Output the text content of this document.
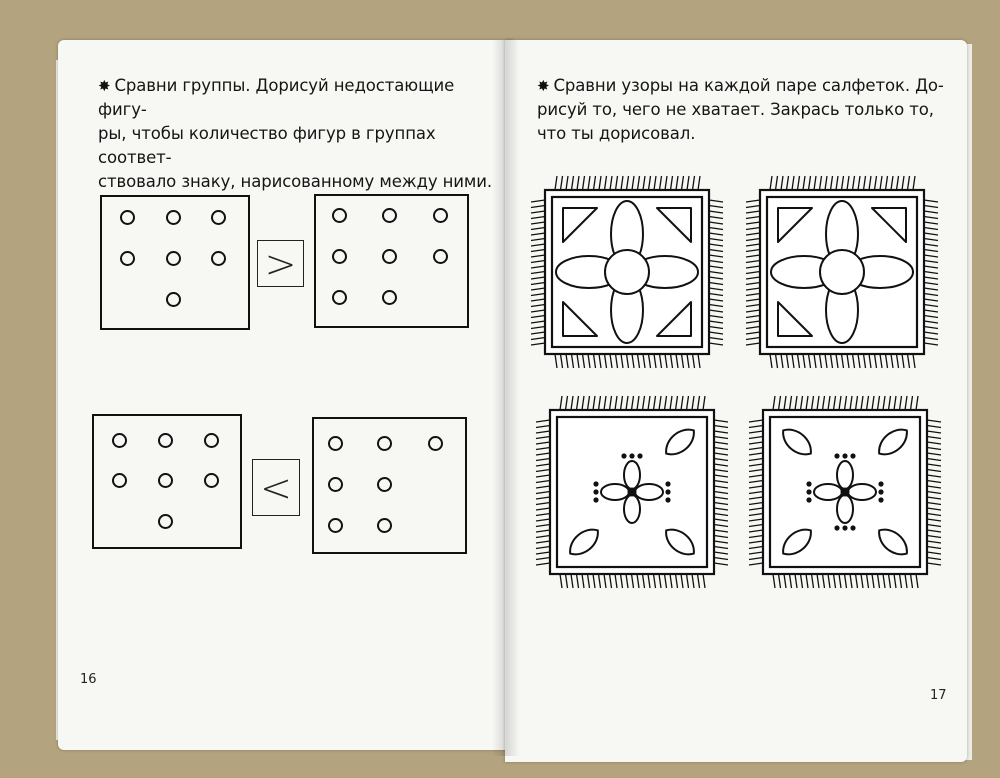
✸ Сравни группы. Дорисуй недостающие фигу-
ры, чтобы количество фигур в группах соответ-
ствовало знаку, нарисованному между ними.

>
<
16

✸ Сравни узоры на каждой паре салфеток. До-
рисуй то, чего не хватает. Закрась только то,
что ты дорисовал.

17
